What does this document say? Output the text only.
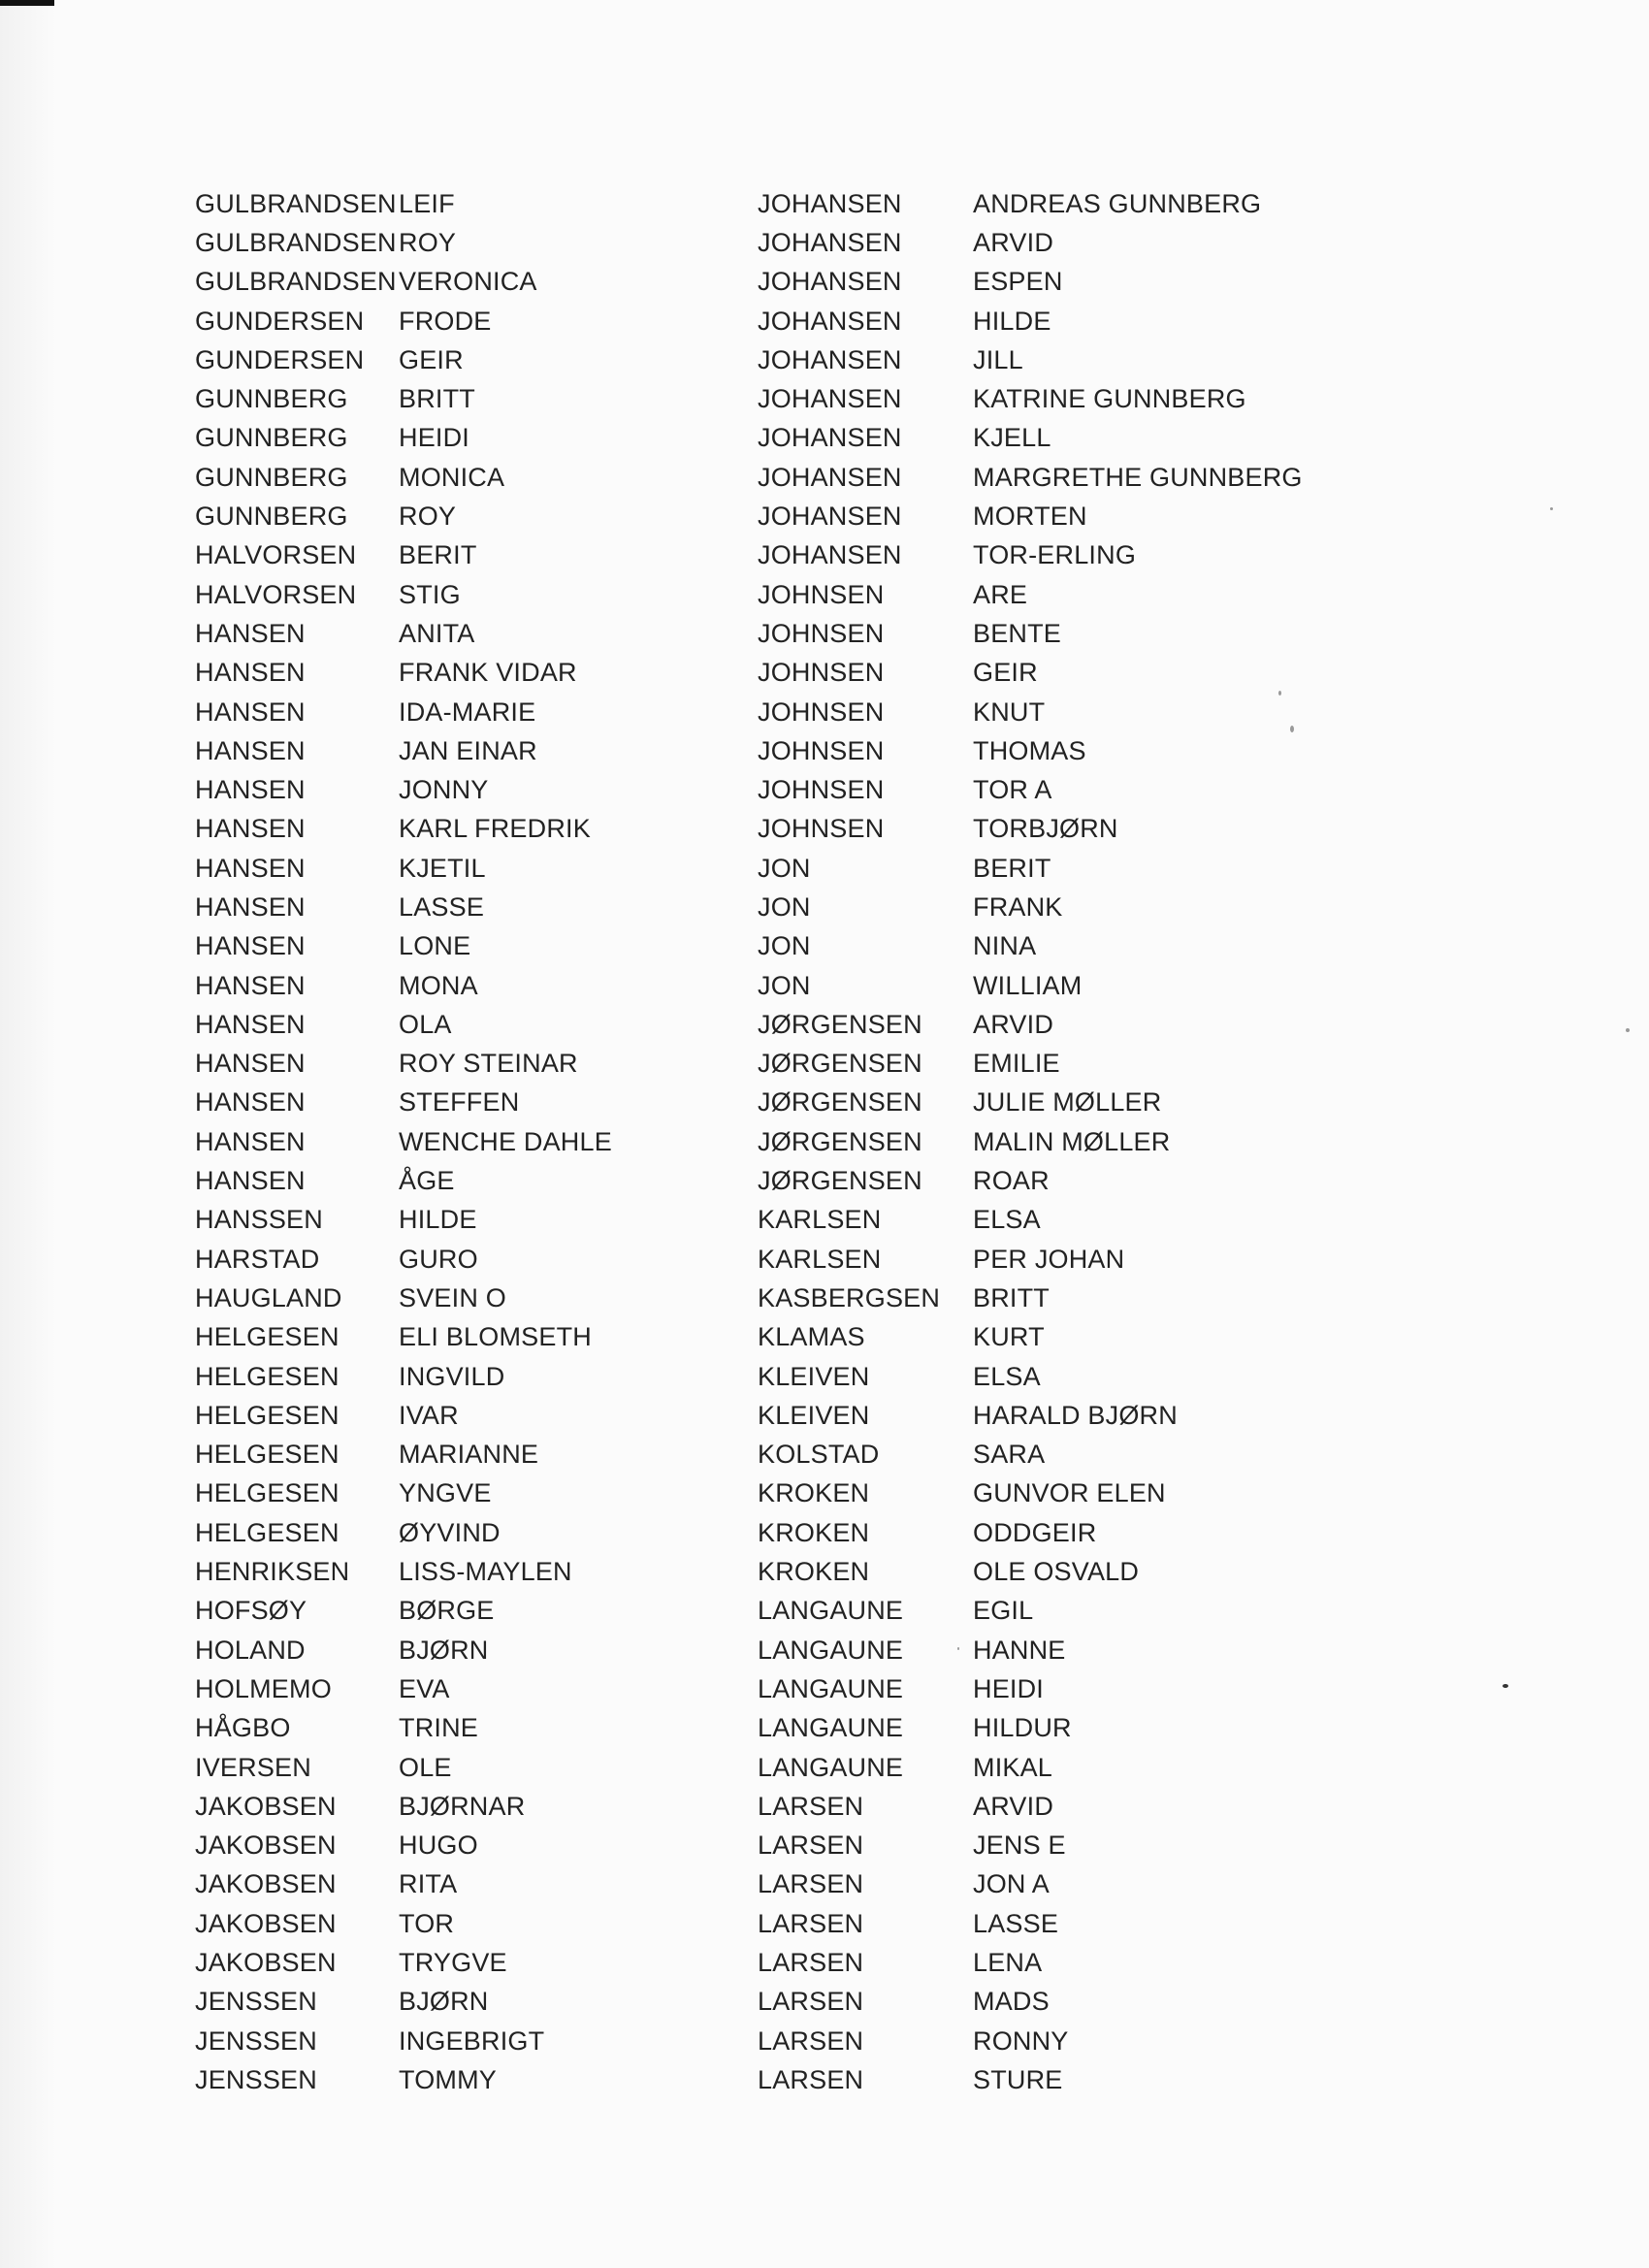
GULBRANDSEN LEIF
GULBRANDSEN ROY
GULBRANDSEN VERONICA
GUNDERSEN	FRODE
GUNDERSEN	GEIR
GUNNBERG	BRITT
GUNNBERG	HEIDI
GUNNBERG	MONICA
GUNNBERG	ROY
HALVORSEN	BERIT
HALVORSEN	STIG
HANSEN	ANITA
HANSEN	FRANK VIDAR
HANSEN	IDA-MARIE
HANSEN	JAN EINAR
HANSEN	JONNY
HANSEN	KARL FREDRIK
HANSEN	KJETIL
HANSEN	LASSE
HANSEN	LONE
HANSEN	MONA
HANSEN	OLA
HANSEN	ROY STEINAR
HANSEN	STEFFEN
HANSEN	WENCHE DAHLE
HANSEN	ÅGE
HANSSEN	HILDE
HARSTAD	GURO
HAUGLAND	SVEIN O
HELGESEN	ELI BLOMSETH
HELGESEN	INGVILD
HELGESEN	IVAR
HELGESEN	MARIANNE
HELGESEN	YNGVE
HELGESEN	ØYVIND
HENRIKSEN	LISS-MAYLEN
HOFSØY	BØRGE
HOLAND	BJØRN
HOLMEMO	EVA
HÅGBO	TRINE
IVERSEN	OLE
JAKOBSEN	BJØRNAR
JAKOBSEN	HUGO
JAKOBSEN	RITA
JAKOBSEN	TOR
JAKOBSEN	TRYGVE
JENSSEN	BJØRN
JENSSEN	INGEBRIGT
JENSSEN	TOMMY
JOHANSEN	ANDREAS GUNNBERG
JOHANSEN	ARVID
JOHANSEN	ESPEN
JOHANSEN	HILDE
JOHANSEN	JILL
JOHANSEN	KATRINE GUNNBERG
JOHANSEN	KJELL
JOHANSEN	MARGRETHE GUNNBERG
JOHANSEN	MORTEN
JOHANSEN	TOR-ERLING
JOHNSEN	ARE
JOHNSEN	BENTE
JOHNSEN	GEIR
JOHNSEN	KNUT
JOHNSEN	THOMAS
JOHNSEN	TOR A
JOHNSEN	TORBJØRN
JON	BERIT
JON	FRANK
JON	NINA
JON	WILLIAM
JØRGENSEN	ARVID
JØRGENSEN	EMILIE
JØRGENSEN	JULIE MØLLER
JØRGENSEN	MALIN MØLLER
JØRGENSEN	ROAR
KARLSEN	ELSA
KARLSEN	PER JOHAN
KASBERGSEN	BRITT
KLAMAS	KURT
KLEIVEN	ELSA
KLEIVEN	HARALD BJØRN
KOLSTAD	SARA
KROKEN	GUNVOR ELEN
KROKEN	ODDGEIR
KROKEN	OLE OSVALD
LANGAUNE	EGIL
LANGAUNE	HANNE
LANGAUNE	HEIDI
LANGAUNE	HILDUR
LANGAUNE	MIKAL
LARSEN	ARVID
LARSEN	JENS E
LARSEN	JON A
LARSEN	LASSE
LARSEN	LENA
LARSEN	MADS
LARSEN	RONNY
LARSEN	STURE
